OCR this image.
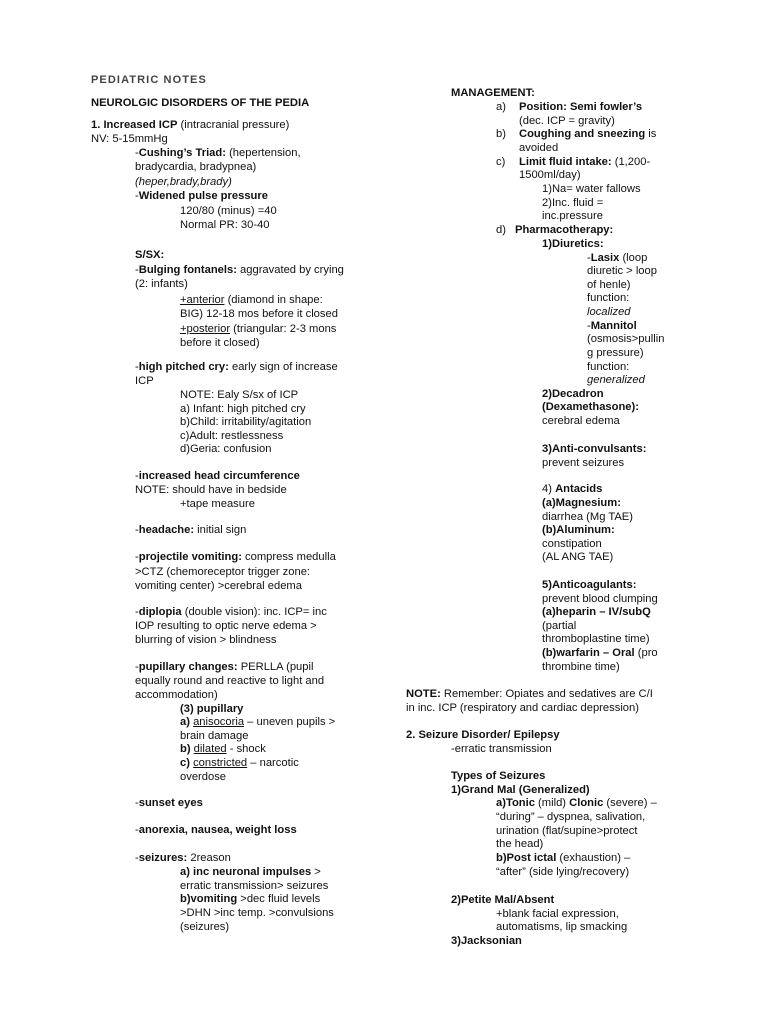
PEDIATRIC NOTES
NEUROLGIC DISORDERS OF THE PEDIA
1. Increased ICP (intracranial pressure)
NV: 5-15mmHg
-Cushing’s Triad: (hepertension,
bradycardia, bradypnea)
(heper,brady,brady)
-Widened pulse pressure
120/80 (minus) =40
Normal PR: 30-40
S/SX:
-Bulging fontanels: aggravated by crying
(2: infants)
+anterior (diamond in shape:
BIG) 12-18 mos before it closed
+posterior (triangular: 2-3 mons
before it closed)
-high pitched cry: early sign of increase
ICP
NOTE: Ealy S/sx of ICP
a) Infant: high pitched cry
b)Child: irritability/agitation
c)Adult: restlessness
d)Geria: confusion
-increased head circumference
NOTE: should have in bedside
+tape measure
-headache: initial sign
-projectile vomiting: compress medulla
>CTZ (chemoreceptor trigger zone:
vomiting center) >cerebral edema
-diplopia (double vision): inc. ICP= inc
IOP resulting to optic nerve edema >
blurring of vision > blindness
-pupillary changes: PERLLA (pupil
equally round and reactive to light and
accommodation)
(3) pupillary
a) anisocoria – uneven pupils >
brain damage
b) dilated - shock
c) constricted – narcotic
overdose
-sunset eyes
-anorexia, nausea, weight loss
-seizures: 2reason
a) inc neuronal impulses >
erratic transmission> seizures
b)vomiting >dec fluid levels
>DHN >inc temp. >convulsions
(seizures)
MANAGEMENT:
a) Position: Semi fowler’s
(dec. ICP = gravity)
b) Coughing and sneezing is
avoided
c) Limit fluid intake: (1,200-
1500ml/day)
1)Na= water fallows
2)Inc. fluid =
inc.pressure
d) Pharmacotherapy:
1)Diuretics:
-Lasix (loop
diuretic > loop
of henle)
function:
localized
-Mannitol
(osmosis>pullin
g pressure)
function:
generalized
2)Decadron
(Dexamethasone):
cerebral edema
3)Anti-convulsants:
prevent seizures
4) Antacids
(a)Magnesium:
diarrhea (Mg TAE)
(b)Aluminum:
constipation
(AL ANG TAE)
5)Anticoagulants:
prevent blood clumping
(a)heparin – IV/subQ
(partial
thromboplastine time)
(b)warfarin – Oral (pro
thrombine time)
NOTE: Remember: Opiates and sedatives are C/I
in inc. ICP (respiratory and cardiac depression)
2. Seizure Disorder/ Epilepsy
-erratic transmission
Types of Seizures
1)Grand Mal (Generalized)
a)Tonic (mild) Clonic (severe) –
“during” – dyspnea, salivation,
urination (flat/supine>protect
the head)
b)Post ictal (exhaustion) –
“after” (side lying/recovery)
2)Petite Mal/Absent
+blank facial expression,
automatisms, lip smacking
3)Jacksonian
